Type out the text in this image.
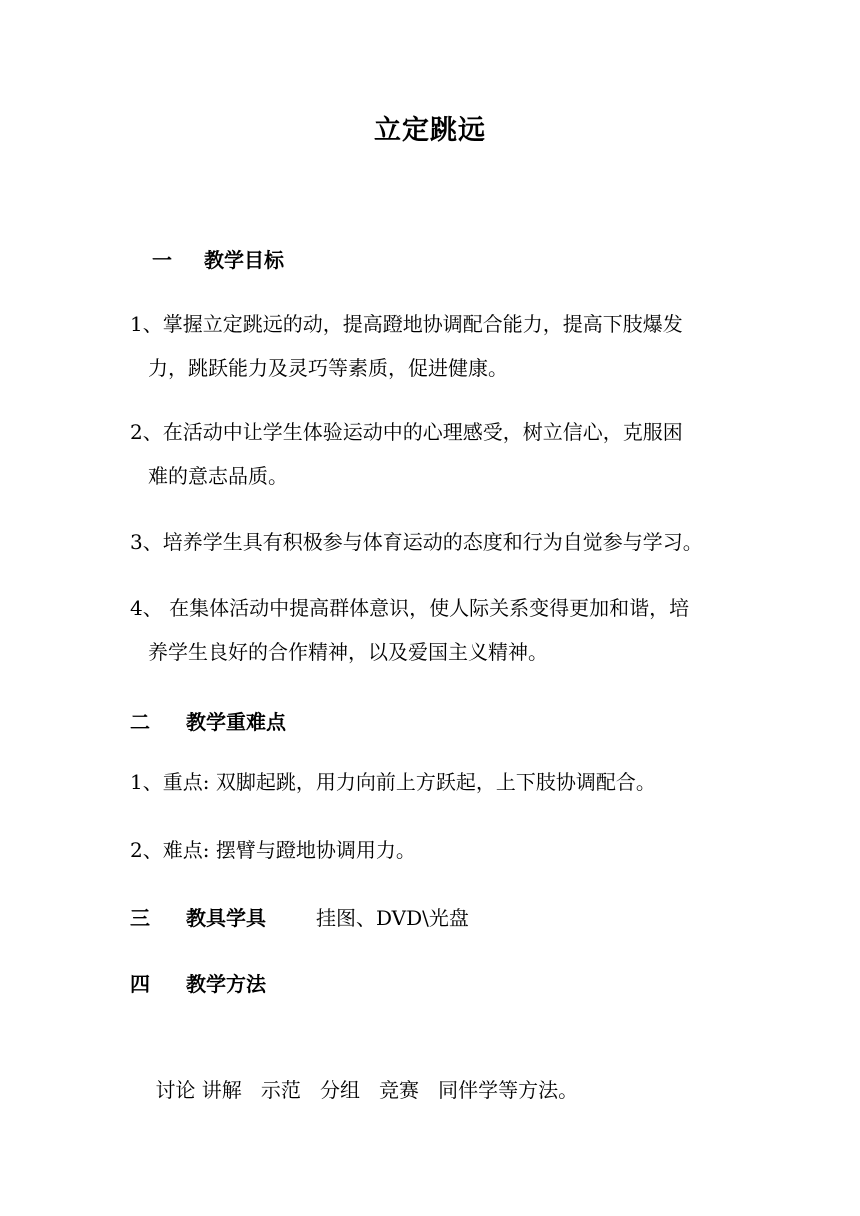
立定跳远
一 教学目标
1、掌握立定跳远的动，提高蹬地协调配合能力，提高下肢爆发
力，跳跃能力及灵巧等素质，促进健康。
2、在活动中让学生体验运动中的心理感受，树立信心，克服困
难的意志品质。
3、培养学生具有积极参与体育运动的态度和行为自觉参与学习。
4、 在集体活动中提高群体意识，使人际关系变得更加和谐，培
养学生良好的合作精神，以及爱国主义精神。
二 教学重难点
1、重点: 双脚起跳，用力向前上方跃起，上下肢协调配合。
2、难点: 摆臂与蹬地协调用力。
三 教具学具	挂图、DVD\光盘
四 教学方法

讨论 讲解   示范   分组   竞赛   同伴学等方法。
